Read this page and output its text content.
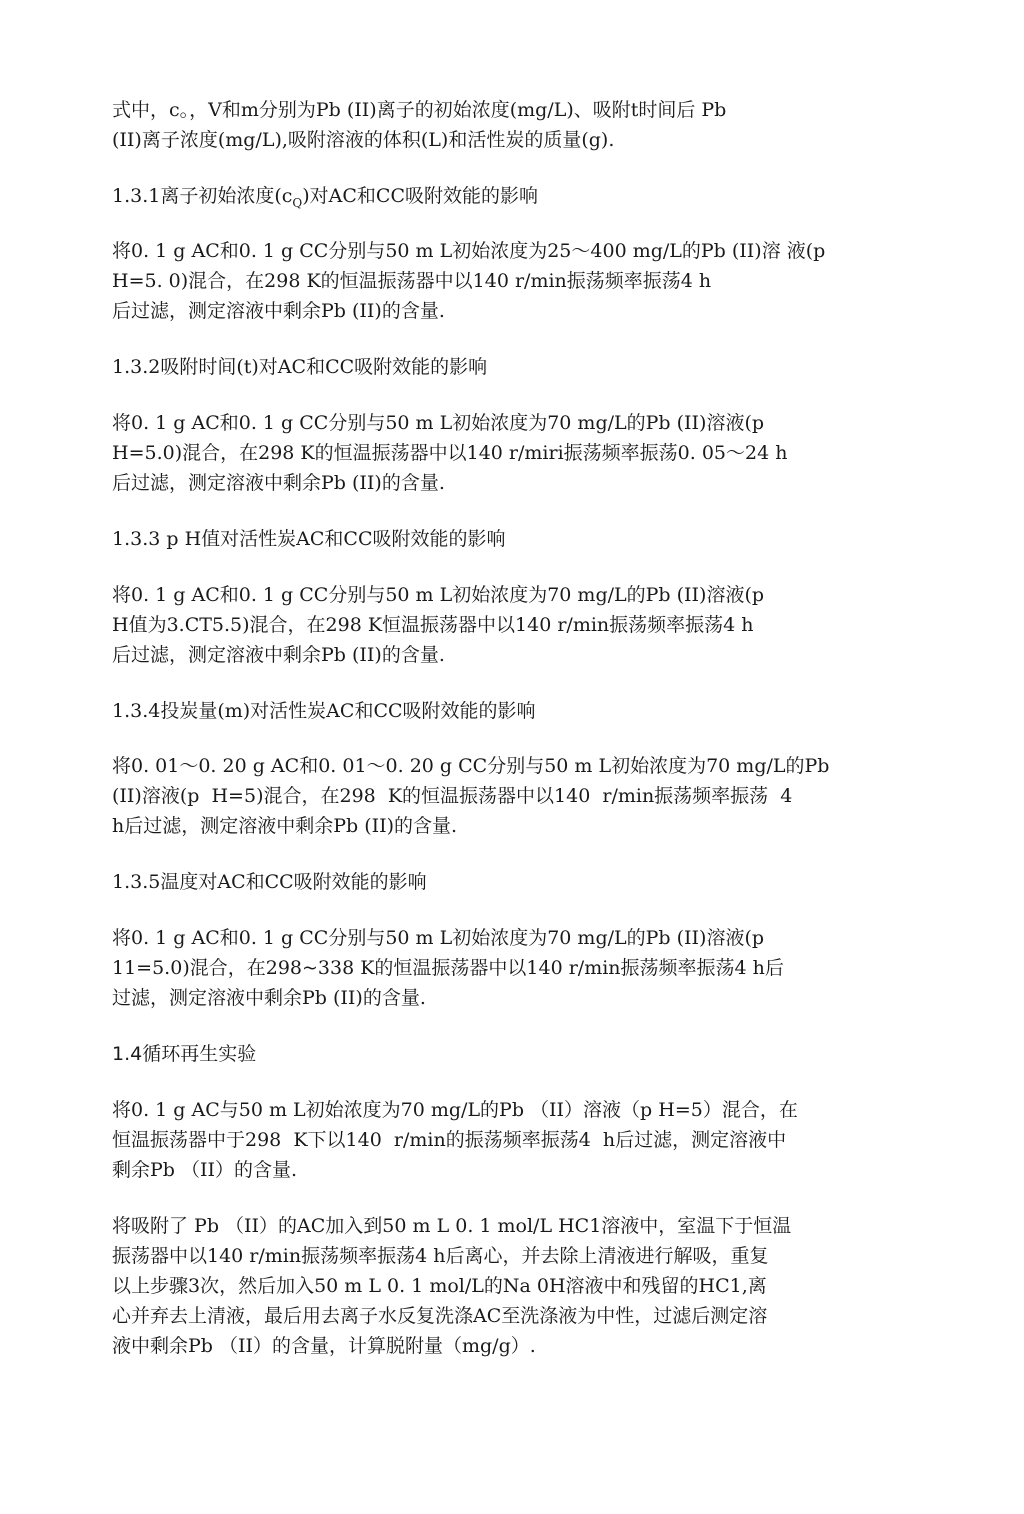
式中，c。，V和m分别为Pb (II)离子的初始浓度(mg/L)、吸附t时间后 Pb
(II)离子浓度(mg/L),吸附溶液的体积(L)和活性炭的质量(g).
1.3.1离子初始浓度$(c_Q)$对AC和CC吸附效能的影响
将0. 1 g AC和0. 1 g CC分别与50 m L初始浓度为25～400 mg/L的Pb (II)溶 液(p
H=5. 0)混合，在298 K的恒温振荡器中以140 r/min振荡频率振荡4 h
后过滤，测定溶液中剩余Pb (II)的含量.
1.3.2吸附时间(t)对AC和CC吸附效能的影响
将0. 1 g AC和0. 1 g CC分别与50 m L初始浓度为70 mg/L的Pb (II)溶液(p
H=5.0)混合，在298 K的恒温振荡器中以140 r/miri振荡频率振荡0. 05～24 h
后过滤，测定溶液中剩余Pb (II)的含量.
1.3.3 p H值对活性炭AC和CC吸附效能的影响
将0. 1 g AC和0. 1 g CC分别与50 m L初始浓度为70 mg/L的Pb (II)溶液(p
H值为3.CT5.5)混合，在298 K恒温振荡器中以140 r/min振荡频率振荡4 h
后过滤，测定溶液中剩余Pb (II)的含量.
1.3.4投炭量(m)对活性炭AC和CC吸附效能的影响
将0. 01～0. 20 g AC和0. 01～0. 20 g CC分别与50 m L初始浓度为70 mg/L的Pb
(II)溶液(p  H=5)混合，在298  K的恒温振荡器中以140  r/min振荡频率振荡  4
h后过滤，测定溶液中剩余Pb (II)的含量.
1.3.5温度对AC和CC吸附效能的影响
将0. 1 g AC和0. 1 g CC分别与50 m L初始浓度为70 mg/L的Pb (II)溶液(p
11=5.0)混合，在298~338 K的恒温振荡器中以140 r/min振荡频率振荡4 h后
过滤，测定溶液中剩余Pb (II)的含量.
1.4循环再生实验
将0. 1 g AC与50 m L初始浓度为70 mg/L的Pb （II）溶液（p H=5）混合，在
恒温振荡器中于298  K下以140  r/min的振荡频率振荡4  h后过滤，测定溶液中
剩余Pb （II）的含量.
将吸附了 Pb （II）的AC加入到50 m L 0. 1 mol/L HC1溶液中，室温下于恒温
振荡器中以140 r/min振荡频率振荡4 h后离心，并去除上清液进行解吸，重复
以上步骤3次，然后加入50 m L 0. 1 mol/L的Na 0H溶液中和残留的HC1,离
心并弃去上清液，最后用去离子水反复洗涤AC至洗涤液为中性，过滤后测定溶
液中剩余Pb （II）的含量，计算脱附量（mg/g）.
